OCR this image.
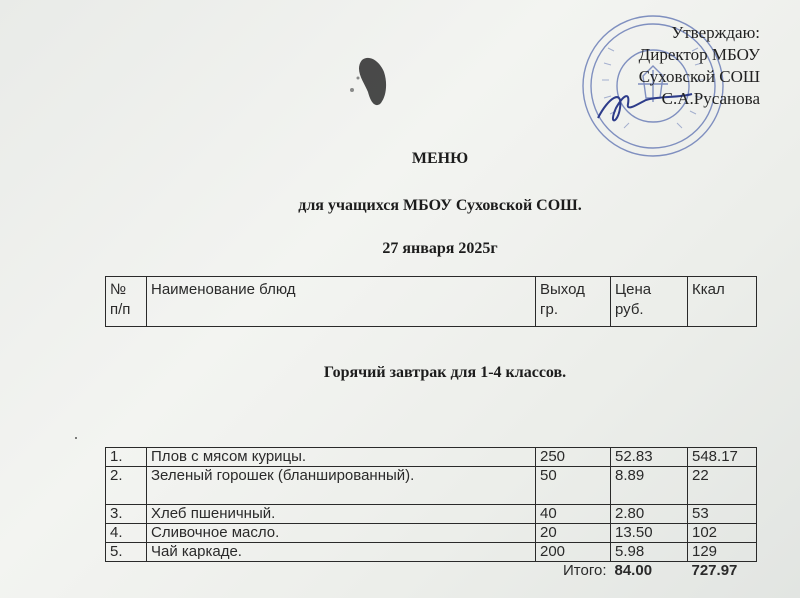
Утверждаю:
Директор МБОУ
Суховской СОШ
С.А.Русанова
МЕНЮ
для учащихся МБОУ Суховской СОШ.
27 января 2025г
№ п/п	Наименование блюд	Выход гр.	Цена руб.	Ккал
Горячий завтрак для 1-4 классов.
1.	Плов с мясом курицы.	250	52.83	548.17
2.	Зеленый горошек (бланшированный).	50	8.89	22
3.	Хлеб пшеничный.	40	2.80	53
4.	Сливочное масло.	20	13.50	102
5.	Чай каркаде.	200	5.98	129
Итого:			84.00	727.97
